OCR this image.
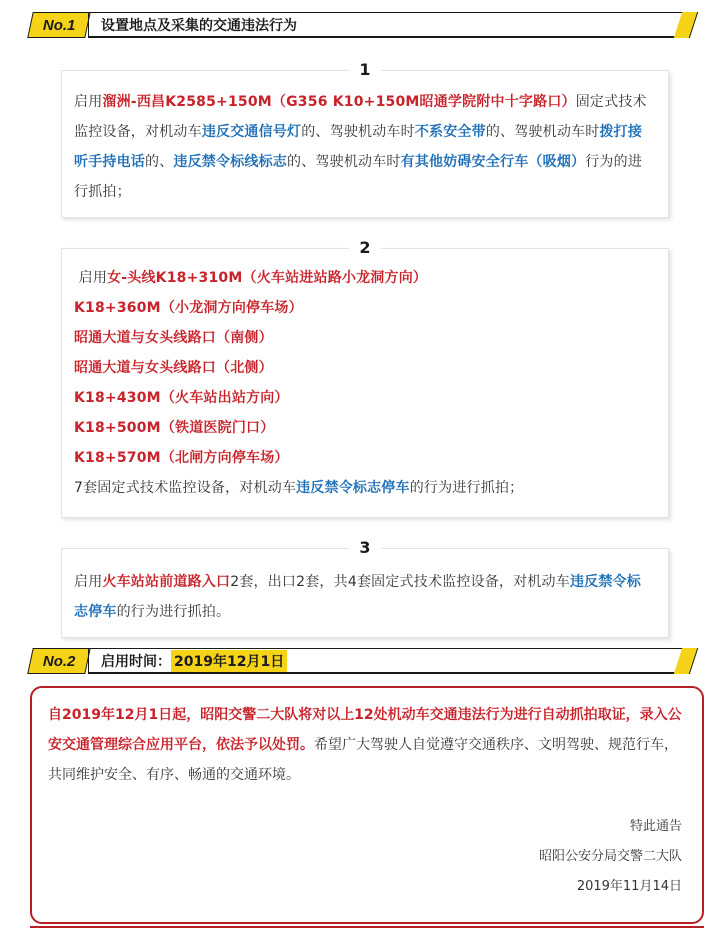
No.1 设置地点及采集的交通违法行为
1

启用溜洲-西昌K2585+150M（G356 K10+150M昭通学院附中十字路口）固定式技术监控设备，对机动车违反交通信号灯的、驾驶机动车时不系安全带的、驾驶机动车时拨打接听手持电话的、违反禁令标线标志的、驾驶机动车时有其他妨碍安全行车（吸烟）行为的进行抓拍；

2

启用女-头线K18+310M（火车站进站路小龙洞方向）

K18+360M（小龙洞方向停车场）

昭通大道与女头线路口（南侧）

昭通大道与女头线路口（北侧）

K18+430M（火车站出站方向）

K18+500M（铁道医院门口）

K18+570M（北闸方向停车场）

7套固定式技术监控设备，对机动车违反禁令标志停车的行为进行抓拍；

3

启用火车站站前道路入口2套，出口2套，共4套固定式技术监控设备，对机动车违反禁令标志停车的行为进行抓拍。

No.2 启用时间： 2019年12月1日

自2019年12月1日起，昭阳交警二大队将对以上12处机动车交通违法行为进行自动抓拍取证，录入公安交通管理综合应用平台，依法予以处罚。希望广大驾驶人自觉遵守交通秩序、文明驾驶、规范行车，共同维护安全、有序、畅通的交通环境。

特此通告
昭阳公安分局交警二大队
2019年11月14日
